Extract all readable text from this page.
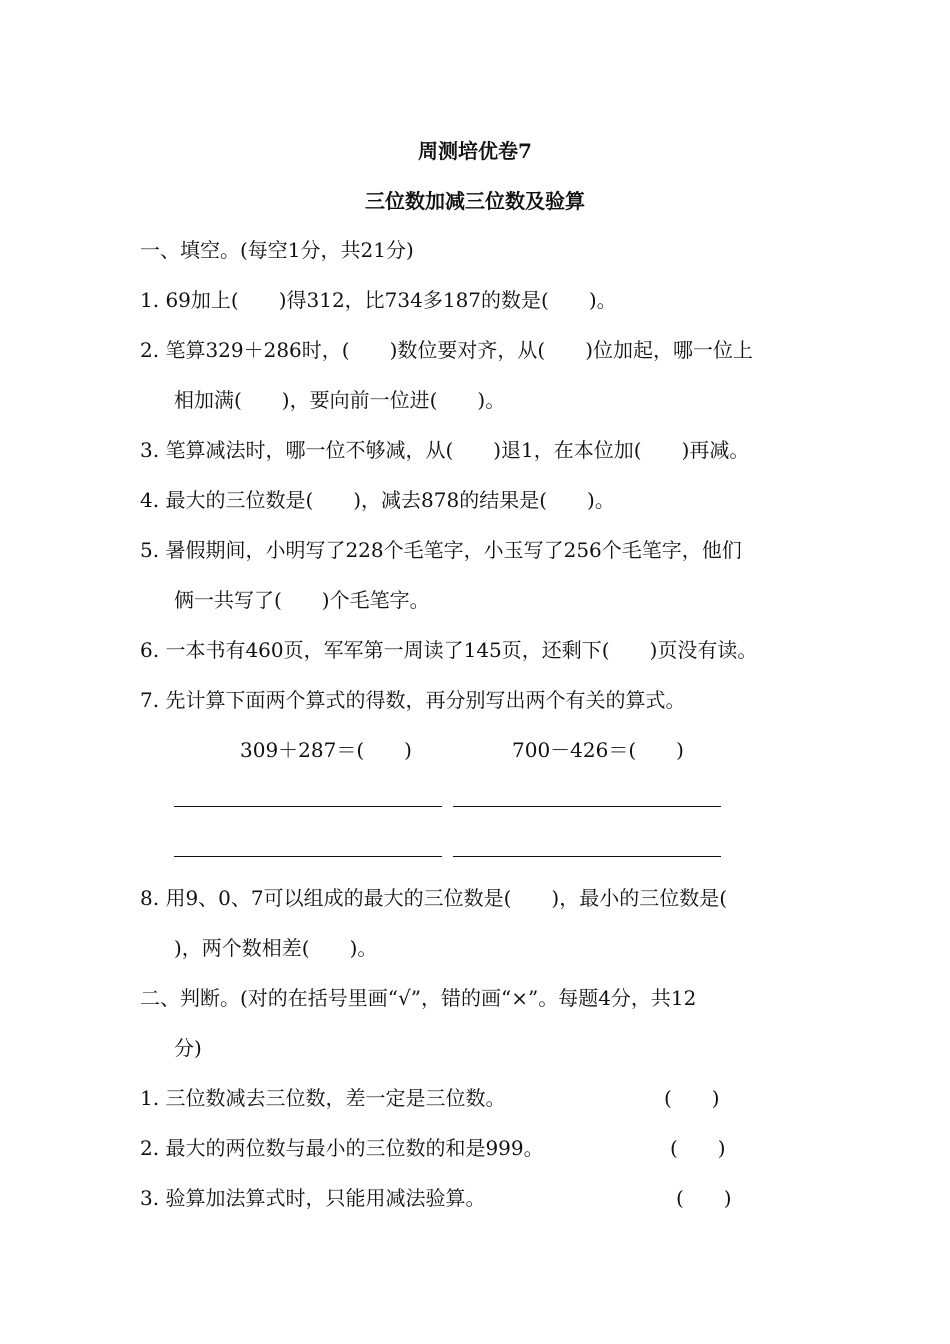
周测培优卷7
三位数加减三位数及验算
一、填空。(每空1分，共21分)
1. 69加上(　　)得312，比734多187的数是(　　)。
2. 笔算329＋286时，(　　)数位要对齐，从(　　)位加起，哪一位上
相加满(　　)，要向前一位进(　　)。
3. 笔算减法时，哪一位不够减，从(　　)退1，在本位加(　　)再减。
4. 最大的三位数是(　　)，减去878的结果是(　　)。
5. 暑假期间，小明写了228个毛笔字，小玉写了256个毛笔字，他们
俩一共写了(　　)个毛笔字。
6. 一本书有460页，军军第一周读了145页，还剩下(　　)页没有读。
7. 先计算下面两个算式的得数，再分别写出两个有关的算式。
309＋287＝(　　)	700－426＝(　　)
8. 用9、0、7可以组成的最大的三位数是(　　)，最小的三位数是(
)，两个数相差(　　)。
二、判断。(对的在括号里画“√”，错的画“×”。每题4分，共12
分)
1. 三位数减去三位数，差一定是三位数。	(　　)
2. 最大的两位数与最小的三位数的和是999。	(　　)
3. 验算加法算式时，只能用减法验算。	(　　)
